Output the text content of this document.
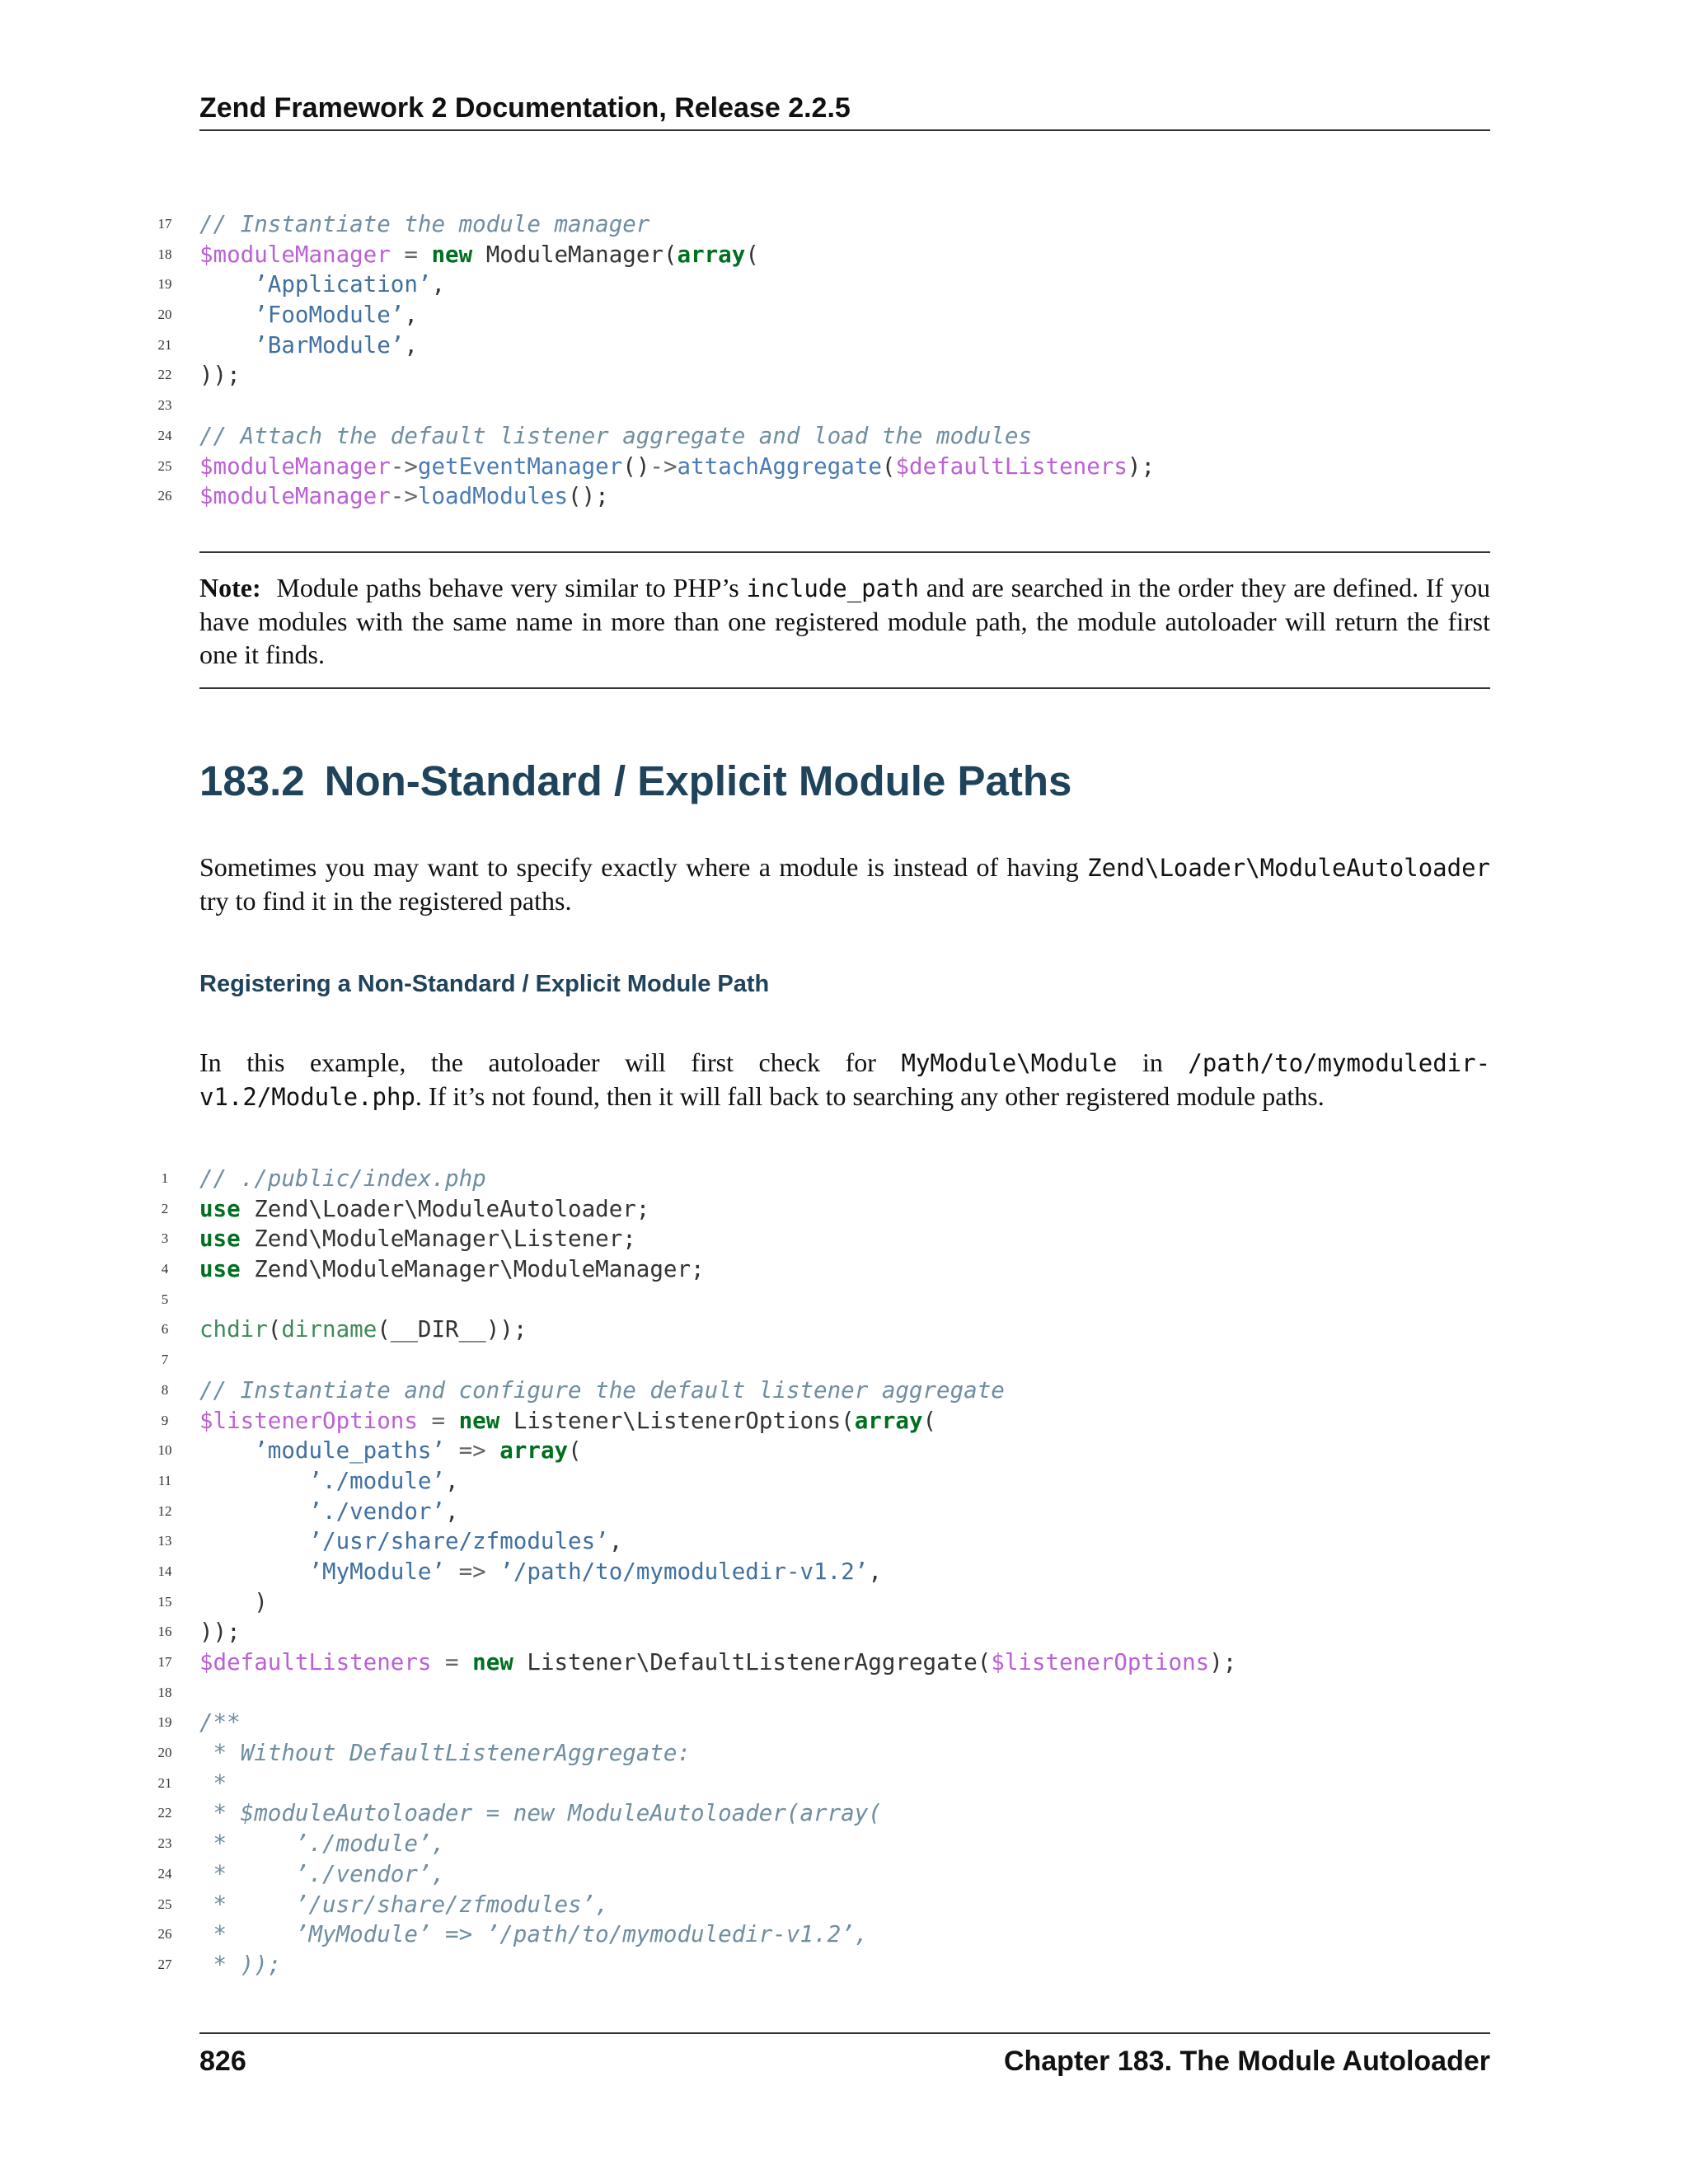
Zend Framework 2 Documentation, Release 2.2.5
17	// Instantiate the module manager
18	$moduleManager = new ModuleManager(array(
19	’Application’,
20	’FooModule’,
21	’BarModule’,
22	));
23
24	// Attach the default listener aggregate and load the modules
25	$moduleManager->getEventManager()->attachAggregate($defaultListeners);
26	$moduleManager->loadModules();
Note: Module paths behave very similar to PHP’s include_path and are searched in the order they are defined. If you have modules with the same name in more than one registered module path, the module autoloader will return the first one it finds.
183.2 Non-Standard / Explicit Module Paths
Sometimes you may want to specify exactly where a module is instead of having Zend\Loader\ModuleAutoloader try to find it in the registered paths.
Registering a Non-Standard / Explicit Module Path
In this example, the autoloader will first check for MyModule\Module in /path/to/mymoduledir-v1.2/Module.php. If it’s not found, then it will fall back to searching any other registered module paths.
1	// ./public/index.php
2	use Zend\Loader\ModuleAutoloader;
3	use Zend\ModuleManager\Listener;
4	use Zend\ModuleManager\ModuleManager;
5
6	chdir(dirname(__DIR__));
7
8	// Instantiate and configure the default listener aggregate
9	$listenerOptions = new Listener\ListenerOptions(array(
10	’module_paths’ => array(
11	’./module’,
12	’./vendor’,
13	’/usr/share/zfmodules’,
14	’MyModule’ => ’/path/to/mymoduledir-v1.2’,
15	)
16	));
17	$defaultListeners = new Listener\DefaultListenerAggregate($listenerOptions);
18
19	/**
20	* Without DefaultListenerAggregate:
21	*
22	* $moduleAutoloader = new ModuleAutoloader(array(
23	*     ’./module’,
24	*     ’./vendor’,
25	*     ’/usr/share/zfmodules’,
26	*     ’MyModule’ => ’/path/to/mymoduledir-v1.2’,
27	* ));
826	Chapter 183. The Module Autoloader
